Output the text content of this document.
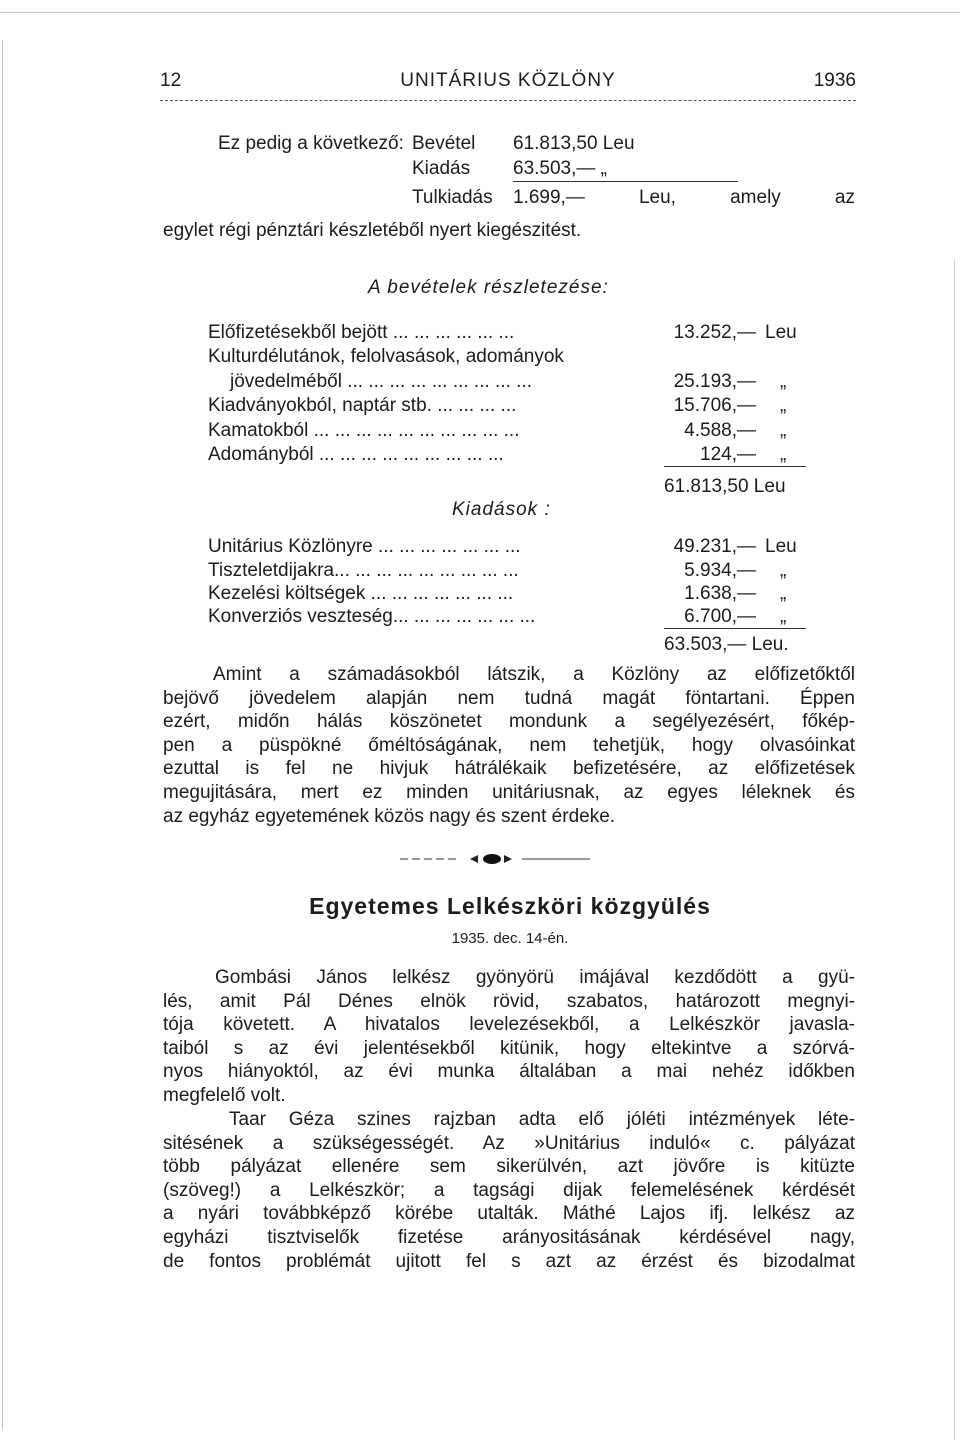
12	UNITÁRIUS KÖZLÖNY	1936
Ez pedig a következő: Bevétel 61.813,50 Leu
Kiadás 63.503,— „
Tulkiadás 1.699,— Leu, amely az
egylet régi pénztári készletéből nyert kiegészitést.
A bevételek részletezése:
Előfizetésekből bejött ... ... ... ... ... ...	13.252,— Leu
Kulturdélutánok, felolvasások, adományok
jövedelméből ... ... ... ... ... ... ... ... ...	25.193,— „
Kiadványokból, naptár stb. ... ... ... ...	15.706,— „
Kamatokból ... ... ... ... ... ... ... ... ... ...	4.588,— „
Adományból ... ... ... ... ... ... ... ... ...	124,— „
61.813,50 Leu
Kiadások :
Unitárius Közlönyre ... ... ... ... ... ... ...	49.231,— Leu
Tiszteletdijakra... ... ... ... ... ... ... ... ...	5.934,— „
Kezelési költségek ... ... ... ... ... ... ...	1.638,— „
Konverziós veszteség... ... ... ... ... ... ...	6.700,— „
63.503,— Leu.
Amint a számadásokból látszik, a Közlöny az előfizetőktől
bejövő jövedelem alapján nem tudná magát föntartani. Éppen
ezért, midőn hálás köszönetet mondunk a segélyezésért, főkép-
pen a püspökné őméltóságának, nem tehetjük, hogy olvasóinkat
ezuttal is fel ne hivjuk hátrálékaik befizetésére, az előfizetések
megujitására, mert ez minden unitáriusnak, az egyes léleknek és
az egyház egyetemének közös nagy és szent érdeke.
Egyetemes Lelkészköri közgyülés
1935. dec. 14-én.
Gombási János lelkész gyönyörü imájával kezdődött a gyü-
lés, amit Pál Dénes elnök rövid, szabatos, határozott megnyi-
tója követett. A hivatalos levelezésekből, a Lelkészkör javasla-
taiból s az évi jelentésekből kitünik, hogy eltekintve a szórvá-
nyos hiányoktól, az évi munka általában a mai nehéz időkben
megfelelő volt.
Taar Géza szines rajzban adta elő jóléti intézmények léte-
sitésének a szükségességét. Az »Unitárius induló« c. pályázat
több pályázat ellenére sem sikerülvén, azt jövőre is kitüzte
(szöveg!) a Lelkészkör; a tagsági dijak felemelésének kérdését
a nyári továbbképző körébe utalták. Máthé Lajos ifj. lelkész az
egyházi tisztviselők fizetése arányositásának kérdésével nagy,
de fontos problémát ujitott fel s azt az érzést és bizodalmat
